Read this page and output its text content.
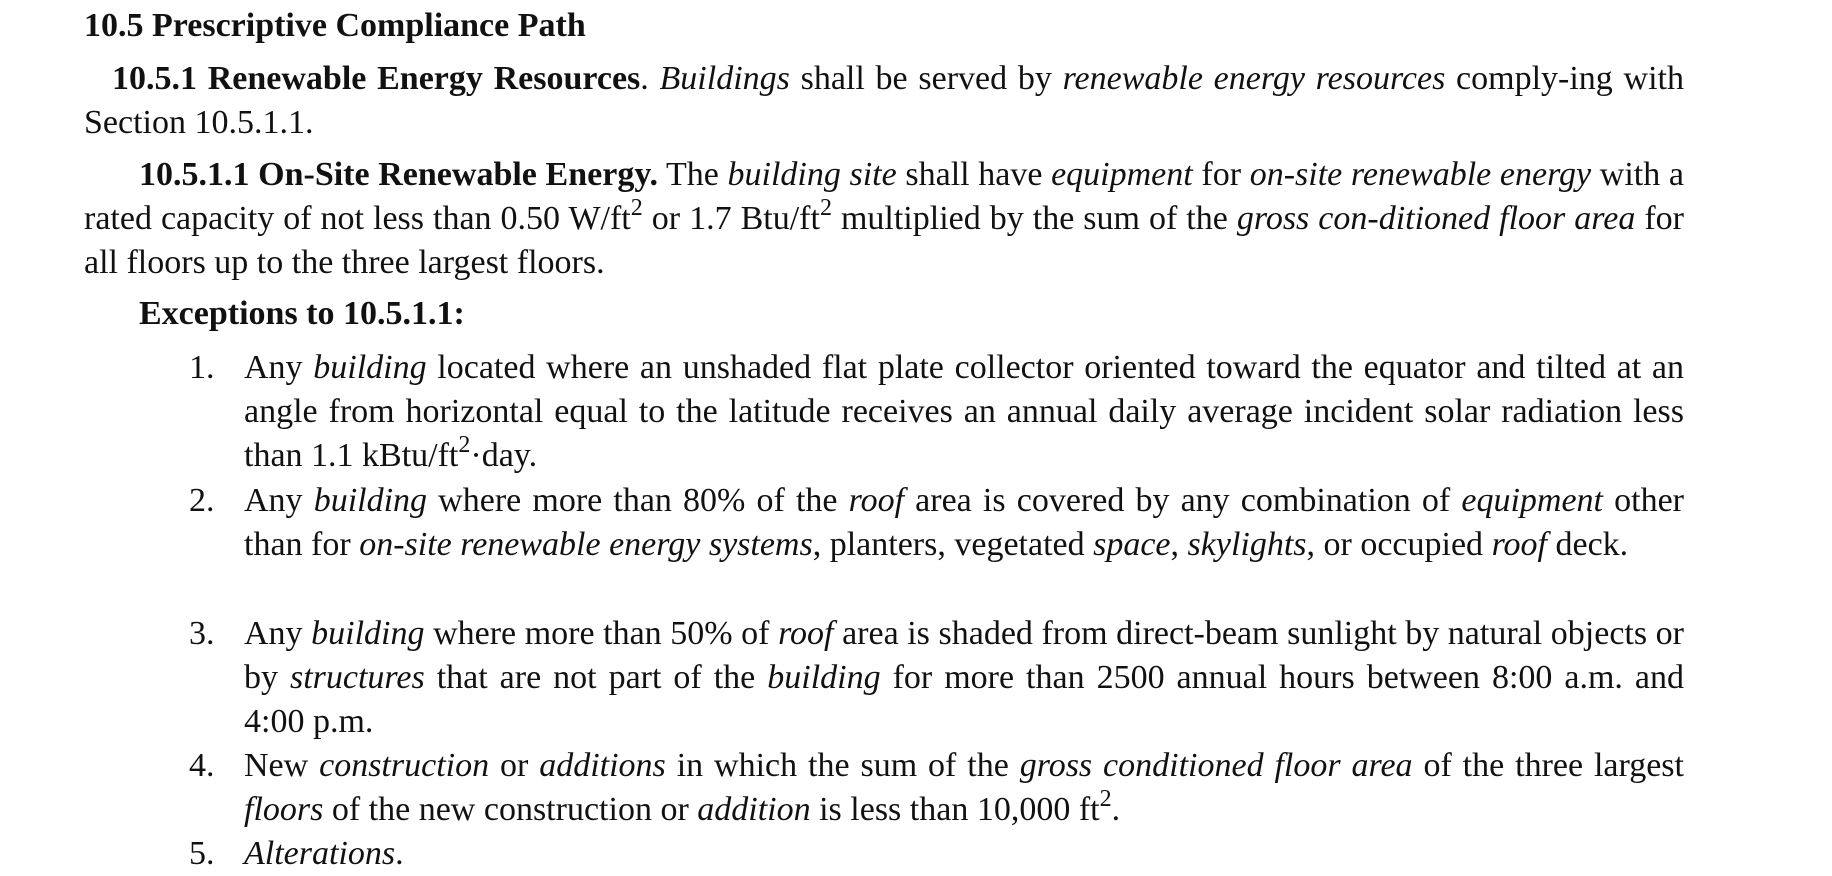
10.5 Prescriptive Compliance Path
10.5.1 Renewable Energy Resources. Buildings shall be served by renewable energy resources comply-ing with Section 10.5.1.1.
10.5.1.1 On-Site Renewable Energy. The building site shall have equipment for on-site renewable energy with a rated capacity of not less than 0.50 $W/ft^2$ or 1.7 Btu/$ft^2$ multiplied by the sum of the gross con-ditioned floor area for all floors up to the three largest floors.
Exceptions to 10.5.1.1:
1. Any building located where an unshaded flat plate collector oriented toward the equator and tilted at an angle from horizontal equal to the latitude receives an annual daily average incident solar radiation less than 1.1 kBtu/$ft^2\cdot day$.
2. Any building where more than 80% of the roof area is covered by any combination of equipment other than for on-site renewable energy systems, planters, vegetated space, skylights, or occupied roof deck.
3. Any building where more than 50% of roof area is shaded from direct-beam sunlight by natural objects or by structures that are not part of the building for more than 2500 annual hours between 8:00 a.m. and 4:00 p.m.
4. New construction or additions in which the sum of the gross conditioned floor area of the three largest floors of the new construction or addition is less than 10,000 $ft^2$.
5. Alterations.
